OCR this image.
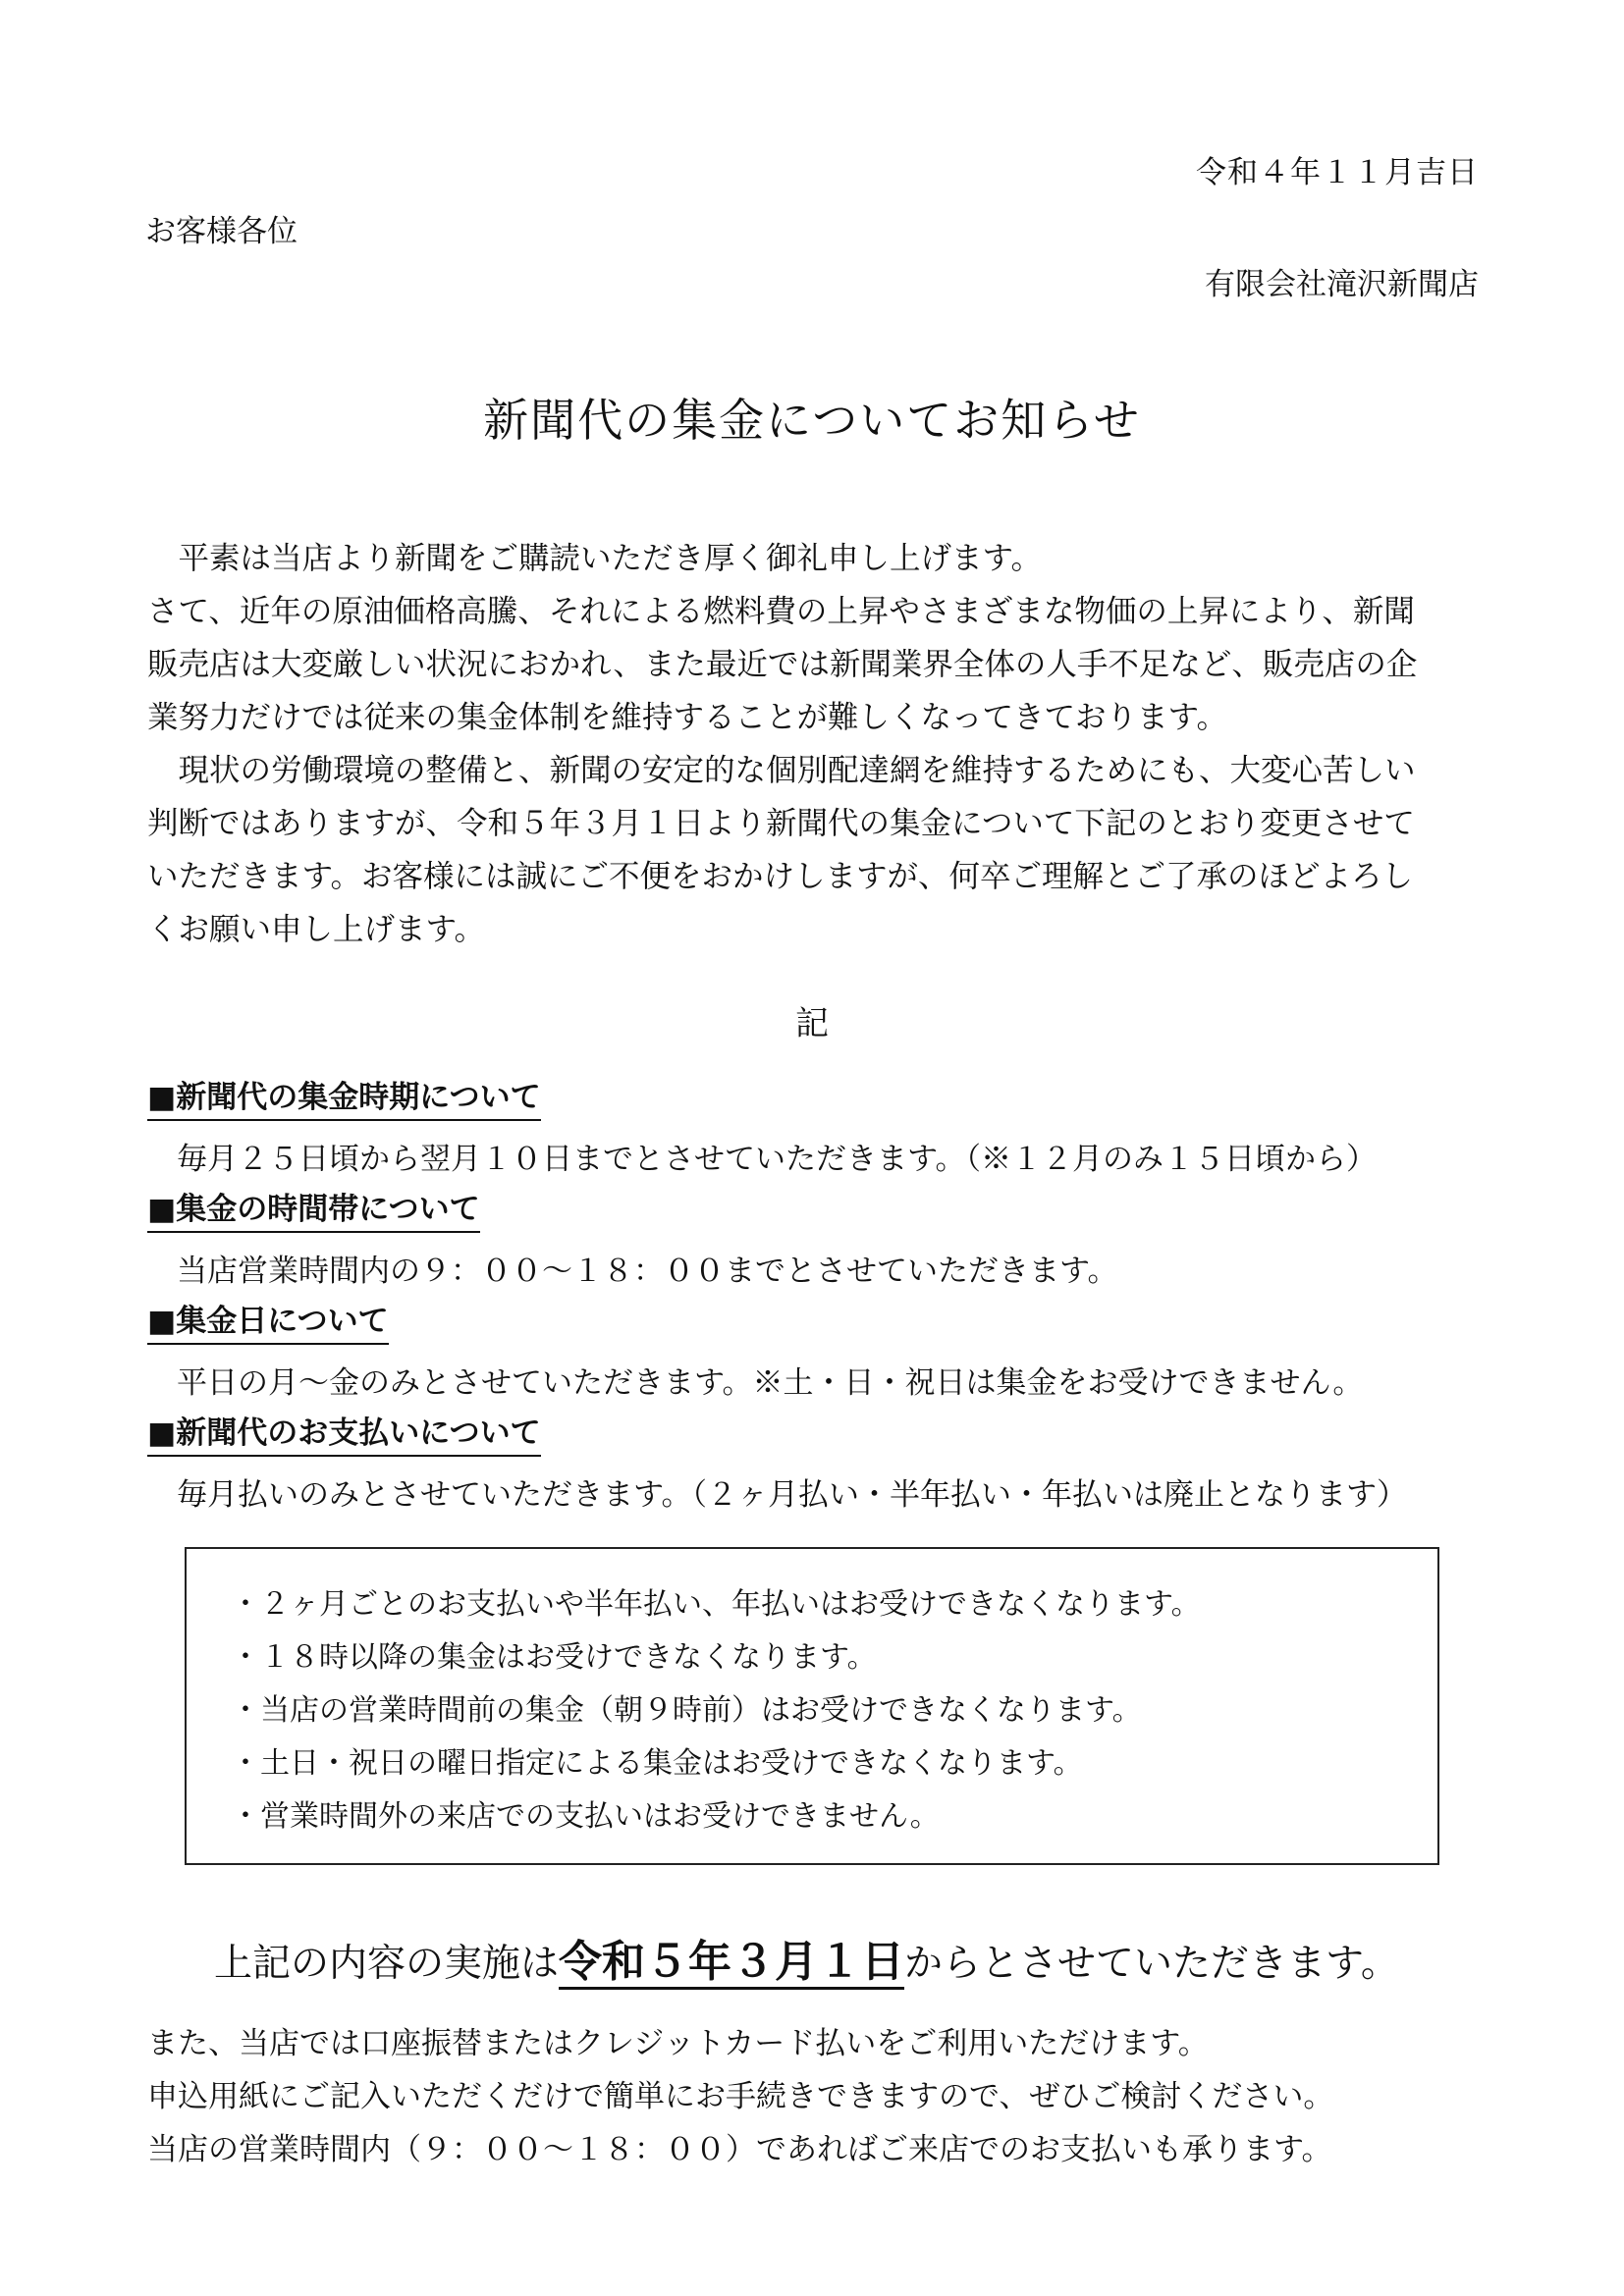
令和４年１１月吉日
お客様各位
有限会社滝沢新聞店
新聞代の集金についてお知らせ

　平素は当店より新聞をご購読いただき厚く御礼申し上げます。

さて、近年の原油価格高騰、それによる燃料費の上昇やさまざまな物価の上昇により、新聞

販売店は大変厳しい状況におかれ、また最近では新聞業界全体の人手不足など、販売店の企

業努力だけでは従来の集金体制を維持することが難しくなってきております。

　現状の労働環境の整備と、新聞の安定的な個別配達網を維持するためにも、大変心苦しい

判断ではありますが、令和５年３月１日より新聞代の集金について下記のとおり変更させて

いただきます。お客様には誠にご不便をおかけしますが、何卒ご理解とご了承のほどよろし

くお願い申し上げます。

記
■新聞代の集金時期について
毎月２５日頃から翌月１０日までとさせていただきます。（※１２月のみ１５日頃から）
■集金の時間帯について
当店営業時間内の９：００～１８：００までとさせていただきます。
■集金日について
平日の月～金のみとさせていただきます。※土・日・祝日は集金をお受けできません。
■新聞代のお支払いについて
毎月払いのみとさせていただきます。（２ヶ月払い・半年払い・年払いは廃止となります）
・２ヶ月ごとのお支払いや半年払い、年払いはお受けできなくなります。
・１８時以降の集金はお受けできなくなります。
・当店の営業時間前の集金（朝９時前）はお受けできなくなります。
・土日・祝日の曜日指定による集金はお受けできなくなります。
・営業時間外の来店での支払いはお受けできません。
上記の内容の実施は令和５年３月１日からとさせていただきます。

また、当店では口座振替またはクレジットカード払いをご利用いただけます。

申込用紙にご記入いただくだけで簡単にお手続きできますので、ぜひご検討ください。

当店の営業時間内（９：００～１８：００）であればご来店でのお支払いも承ります。
